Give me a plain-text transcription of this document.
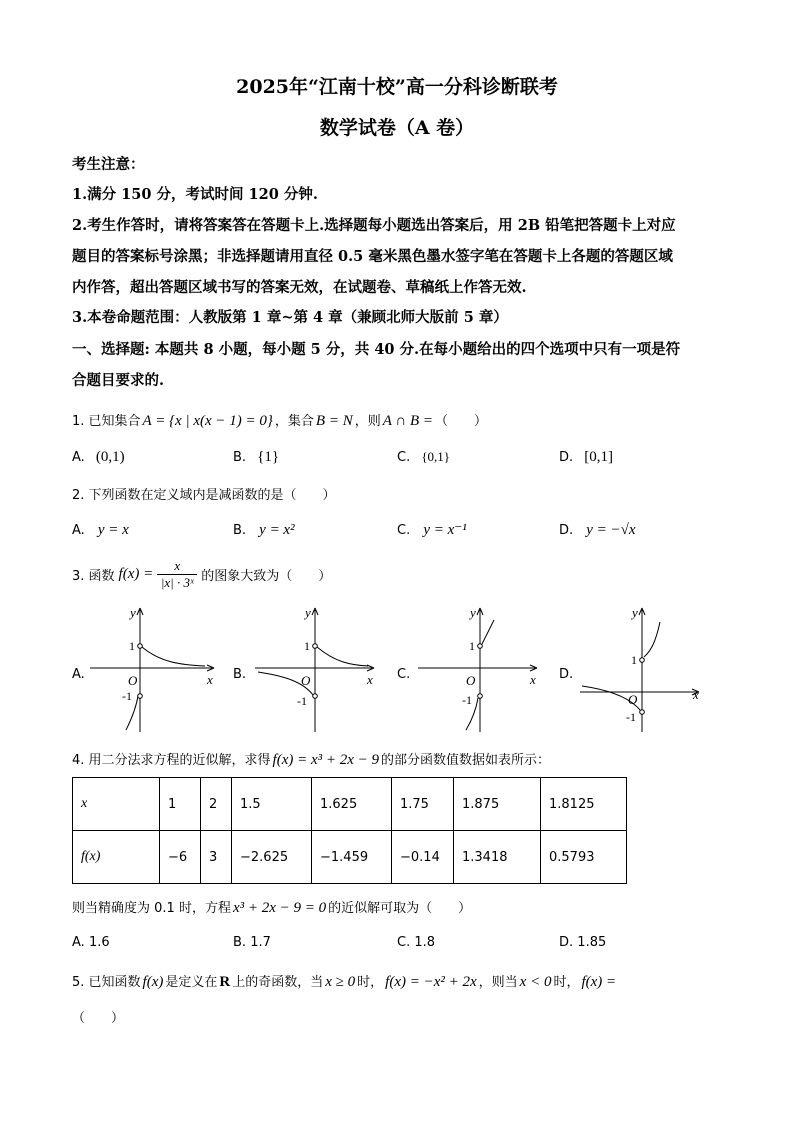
2025年“江南十校”高一分科诊断联考
数学试卷（A 卷）
考生注意：
1.满分 150 分，考试时间 120 分钟.
2.考生作答时，请将答案答在答题卡上.选择题每小题选出答案后，用 2B 铅笔把答题卡上对应
题目的答案标号涂黑；非选择题请用直径 0.5 毫米黑色墨水签字笔在答题卡上各题的答题区域
内作答，超出答题区域书写的答案无效，在试题卷、草稿纸上作答无效.
3.本卷命题范围：人教版第 1 章~第 4 章（兼顾北师大版前 5 章）
一、选择题: 本题共 8 小题，每小题 5 分，共 40 分.在每小题给出的四个选项中只有一项是符
合题目要求的.
1. 已知集合 A = {x | x(x − 1) = 0} ，集合 B = N ，则 A ∩ B = （　　）
A. (0,1)	B. {1}	C. {0,1}	D. [0,1]
2. 下列函数在定义域内是减函数的是（　　）
A. y = x	B. y = x²	C. y = x⁻¹	D. y = −√x
3. 函数 f(x) =
x
|x| · 3ˣ 的图象大致为（　　）
A.	B.	C.	D.
y
x
O
1
-1
y
x
O
1
-1
y
x
O
1
-1
y
x
O
1
-1
4. 用二分法求方程的近似解，求得 f(x) = x³ + 2x − 9 的部分函数值数据如表所示：
x	1	2	1.5	1.625	1.75	1.875	1.8125
f(x)	−6	3	−2.625	−1.459	−0.14	1.3418	0.5793
则当精确度为 0.1 时，方程 x³ + 2x − 9 = 0 的近似解可取为（　　）
A. 1.6	B. 1.7	C. 1.8	D. 1.85
5. 已知函数 f(x) 是定义在 R 上的奇函数，当 x ≥ 0 时， f(x) = −x² + 2x ，则当 x < 0 时， f(x) =
（　　）
